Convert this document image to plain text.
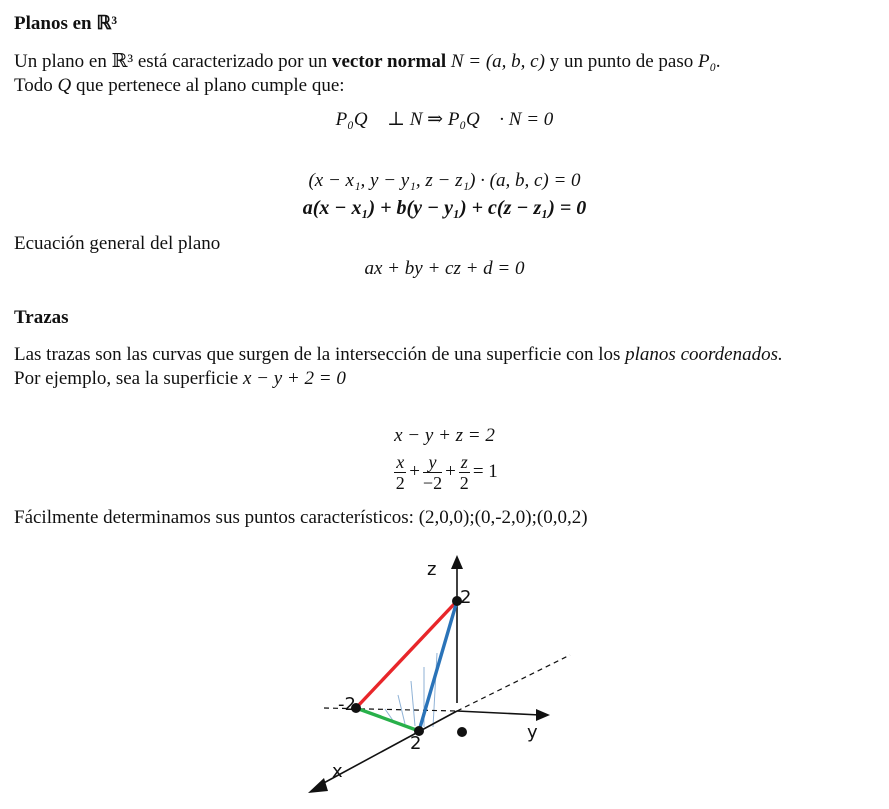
Planos en ℝ³
Un plano en ℝ³ está caracterizado por un vector normal N = (a, b, c) y un punto de paso P₀.
Todo Q que pertenece al plano cumple que:
P₀Q⃗ ⊥ N ⇒ P₀Q⃗ · N = 0
(x − x₁, y − y₁, z − z₁) · (a, b, c) = 0
a(x − x₁) + b(y − y₁) + c(z − z₁) = 0
Ecuación general del plano
ax + by + cz + d = 0
Trazas
Las trazas son las curvas que surgen de la intersección de una superficie con los planos coordenados.
Por ejemplo, sea la superficie x − y + 2 = 0
x − y + z = 2
$\frac{x}{2} + \frac{y}{-2} + \frac{z}{2} = 1$
Fácilmente determinamos sus puntos característicos: (2,0,0);(0,-2,0);(0,0,2)
z
y
x
2
-2
2
